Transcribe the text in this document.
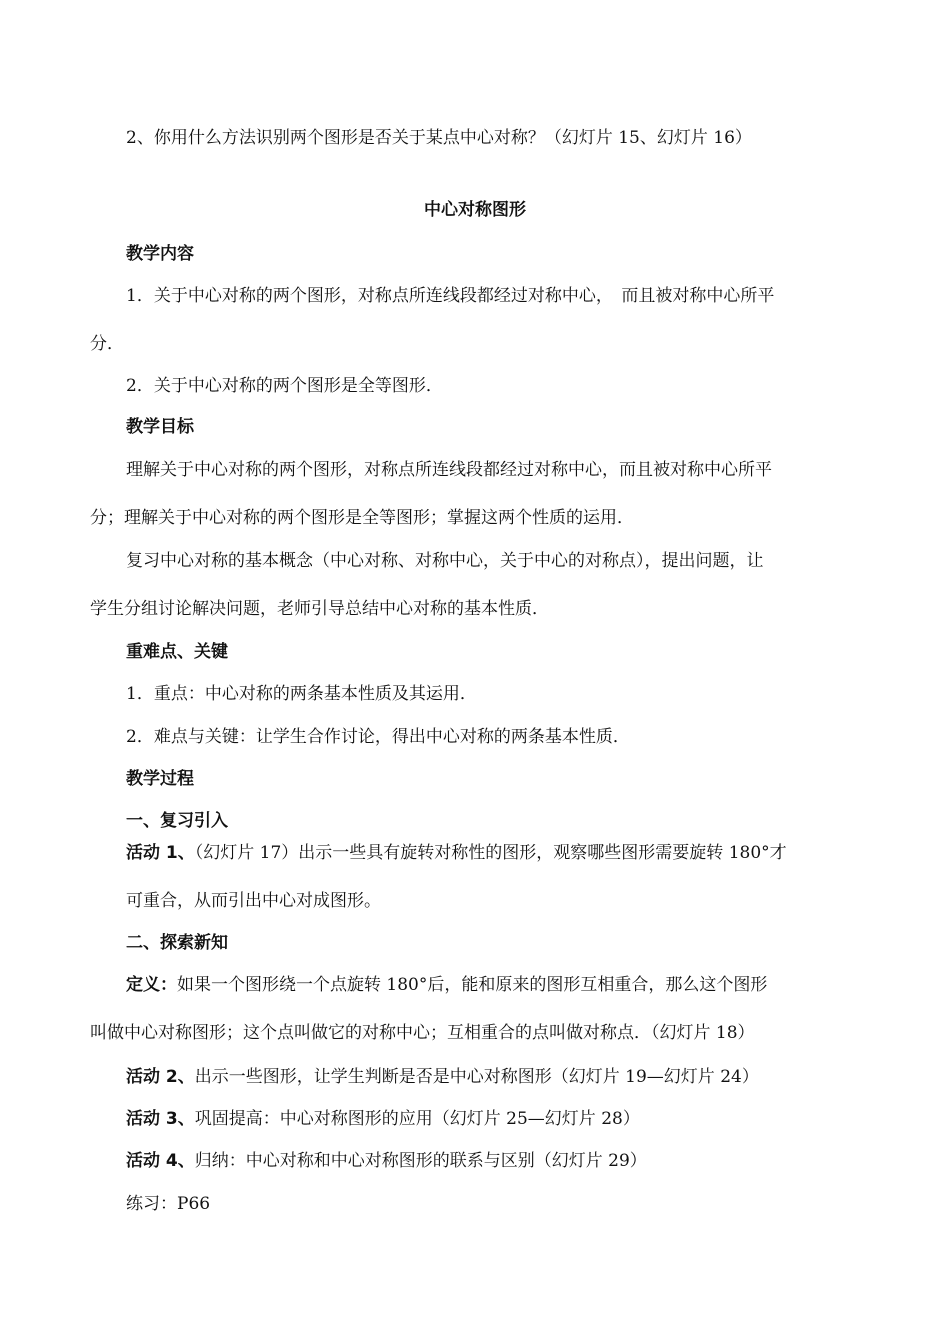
2、你用什么方法识别两个图形是否关于某点中心对称？（幻灯片 15、幻灯片 16）

中心对称图形

教学内容

1．关于中心对称的两个图形，对称点所连线段都经过对称中心，　而且被对称中心所平

分．

2．关于中心对称的两个图形是全等图形．

教学目标

理解关于中心对称的两个图形，对称点所连线段都经过对称中心，而且被对称中心所平

分；理解关于中心对称的两个图形是全等图形；掌握这两个性质的运用．

复习中心对称的基本概念（中心对称、对称中心，关于中心的对称点），提出问题，让

学生分组讨论解决问题，老师引导总结中心对称的基本性质．

重难点、关键

1．重点：中心对称的两条基本性质及其运用．

2．难点与关键：让学生合作讨论，得出中心对称的两条基本性质．

教学过程

一、复习引入

活动 1、（幻灯片 17）出示一些具有旋转对称性的图形，观察哪些图形需要旋转 180°才

可重合，从而引出中心对成图形。

二、探索新知

定义：如果一个图形绕一个点旋转 180°后，能和原来的图形互相重合，那么这个图形

叫做中心对称图形；这个点叫做它的对称中心；互相重合的点叫做对称点．（幻灯片 18）

活动 2、出示一些图形，让学生判断是否是中心对称图形（幻灯片 19—幻灯片 24）

活动 3、巩固提高：中心对称图形的应用（幻灯片 25—幻灯片 28）

活动 4、归纳：中心对称和中心对称图形的联系与区别（幻灯片 29）

练习：P66
